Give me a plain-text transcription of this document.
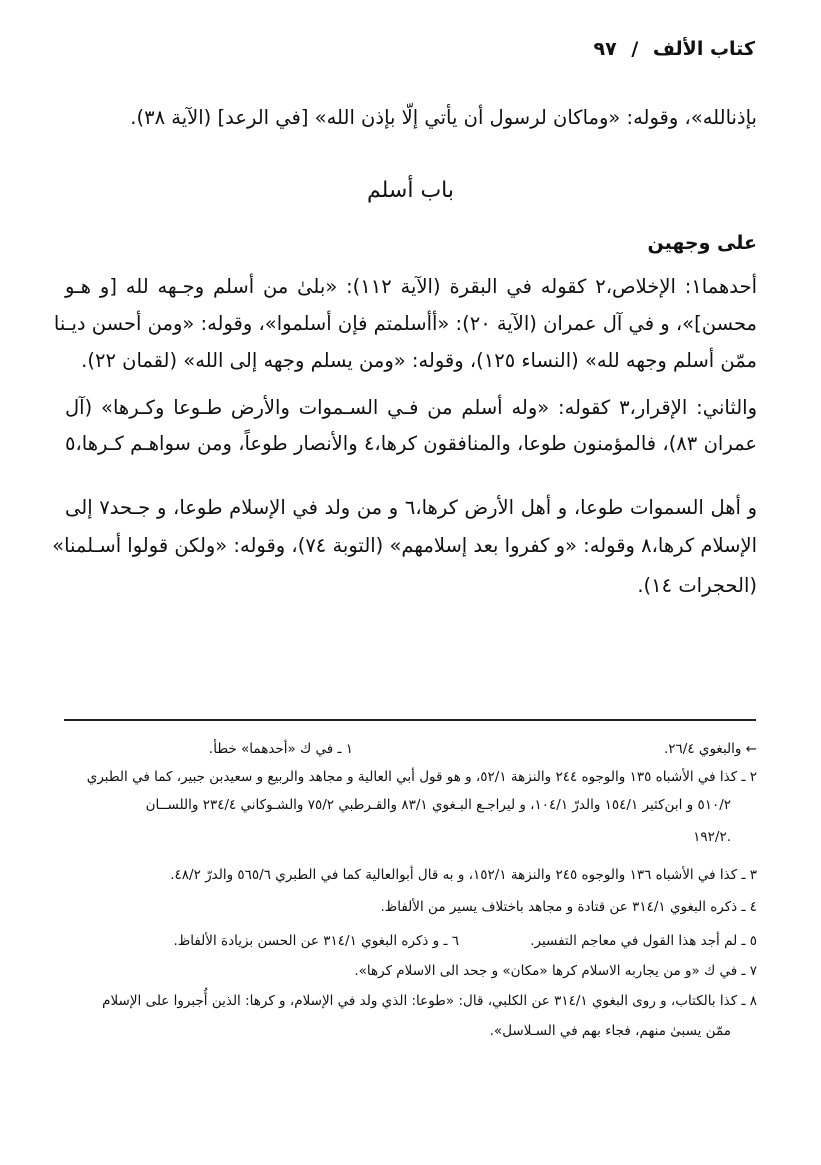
كتاب الألف / ٩٧
بإذنالله»، وقوله: «وماكان لرسول أن يأتي إلّا بإذن الله» [في الرعد] (الآية ٣٨).
باب أسلم
على وجهين
أحدهما١: الإخلاص،٢ كقوله في البقرة (الآية ١١٢): «بلىٰ من أسلم وجـهه لله [و هـو
محسن]»، و في آل عمران (الآية ٢٠): «أأسلمتم فإن أسلموا»، وقوله: «ومن أحسن ديـنا
ممّن أسلم وجهه لله» (النساء ١٢٥)، وقوله: «ومن يسلم وجهه إلى الله» (لقمان ٢٢).
والثاني: الإقرار،٣ كقوله: «وله أسلم من فـي السـموات والأرض طـوعا وكـرها» (آل
عمران ٨٣)، فالمؤمنون طوعا، والمنافقون كرها،٤ والأنصار طوعاً، ومن سواهـم كـرها،٥
و أهل السموات طوعا، و أهل الأرض كرها،٦ و من ولد في الإسلام طوعا، و جـحد٧ إلى
الإسلام كرها،٨ وقوله: «و كفروا بعد إسلامهم» (التوبة ٧٤)، وقوله: «ولكن قولوا أسـلمنا»
(الحجرات ١٤).
← والبغوي ٢٦/٤.
١ ـ في ك «أحدهما» خطأ.
٢ ـ كذا في الأشباه ١٣٥ والوجوه ٢٤٤ والنزهة ٥٢/١، و هو قول أبي العالية و مجاهد والربيع و سعيدبن جبير، كما في الطبري
٥١٠/٢ و ابن‌كثير ١٥٤/١ والدرّ ١٠٤/١، و ليراجـع البـغوي ٨٣/١ والقـرطبي ٧٥/٢ والشـوكاني ٢٣٤/٤ واللســان
١٩٢/٢.
٣ ـ كذا في الأشباه ١٣٦ والوجوه ٢٤٥ والنزهة ١٥٢/١، و به قال أبوالعالية كما في الطبري ٥٦٥/٦ والدرّ ٤٨/٢.
٤ ـ ذكره البغوي ٣١٤/١ عن قتادة و مجاهد باختلاف يسير من الألفاظ.
٥ ـ لم أجد هذا القول في معاجم التفسير.
٦ ـ و ذكره البغوي ٣١٤/١ عن الحسن بزيادة الألفاظ.
٧ ـ في ك «و من يجاربه الاسلام كرها «مكان» و جحد الى الاسلام كرها».
٨ ـ كذا بالكتاب، و روى البغوي ٣١٤/١ عن الكلبي، قال: «طوعا: الذي ولد في الإسلام، و كرها: الذين أُجبروا على الإسلام
ممّن يسبىٰ منهم، فجاء بهم في السـلاسل».
